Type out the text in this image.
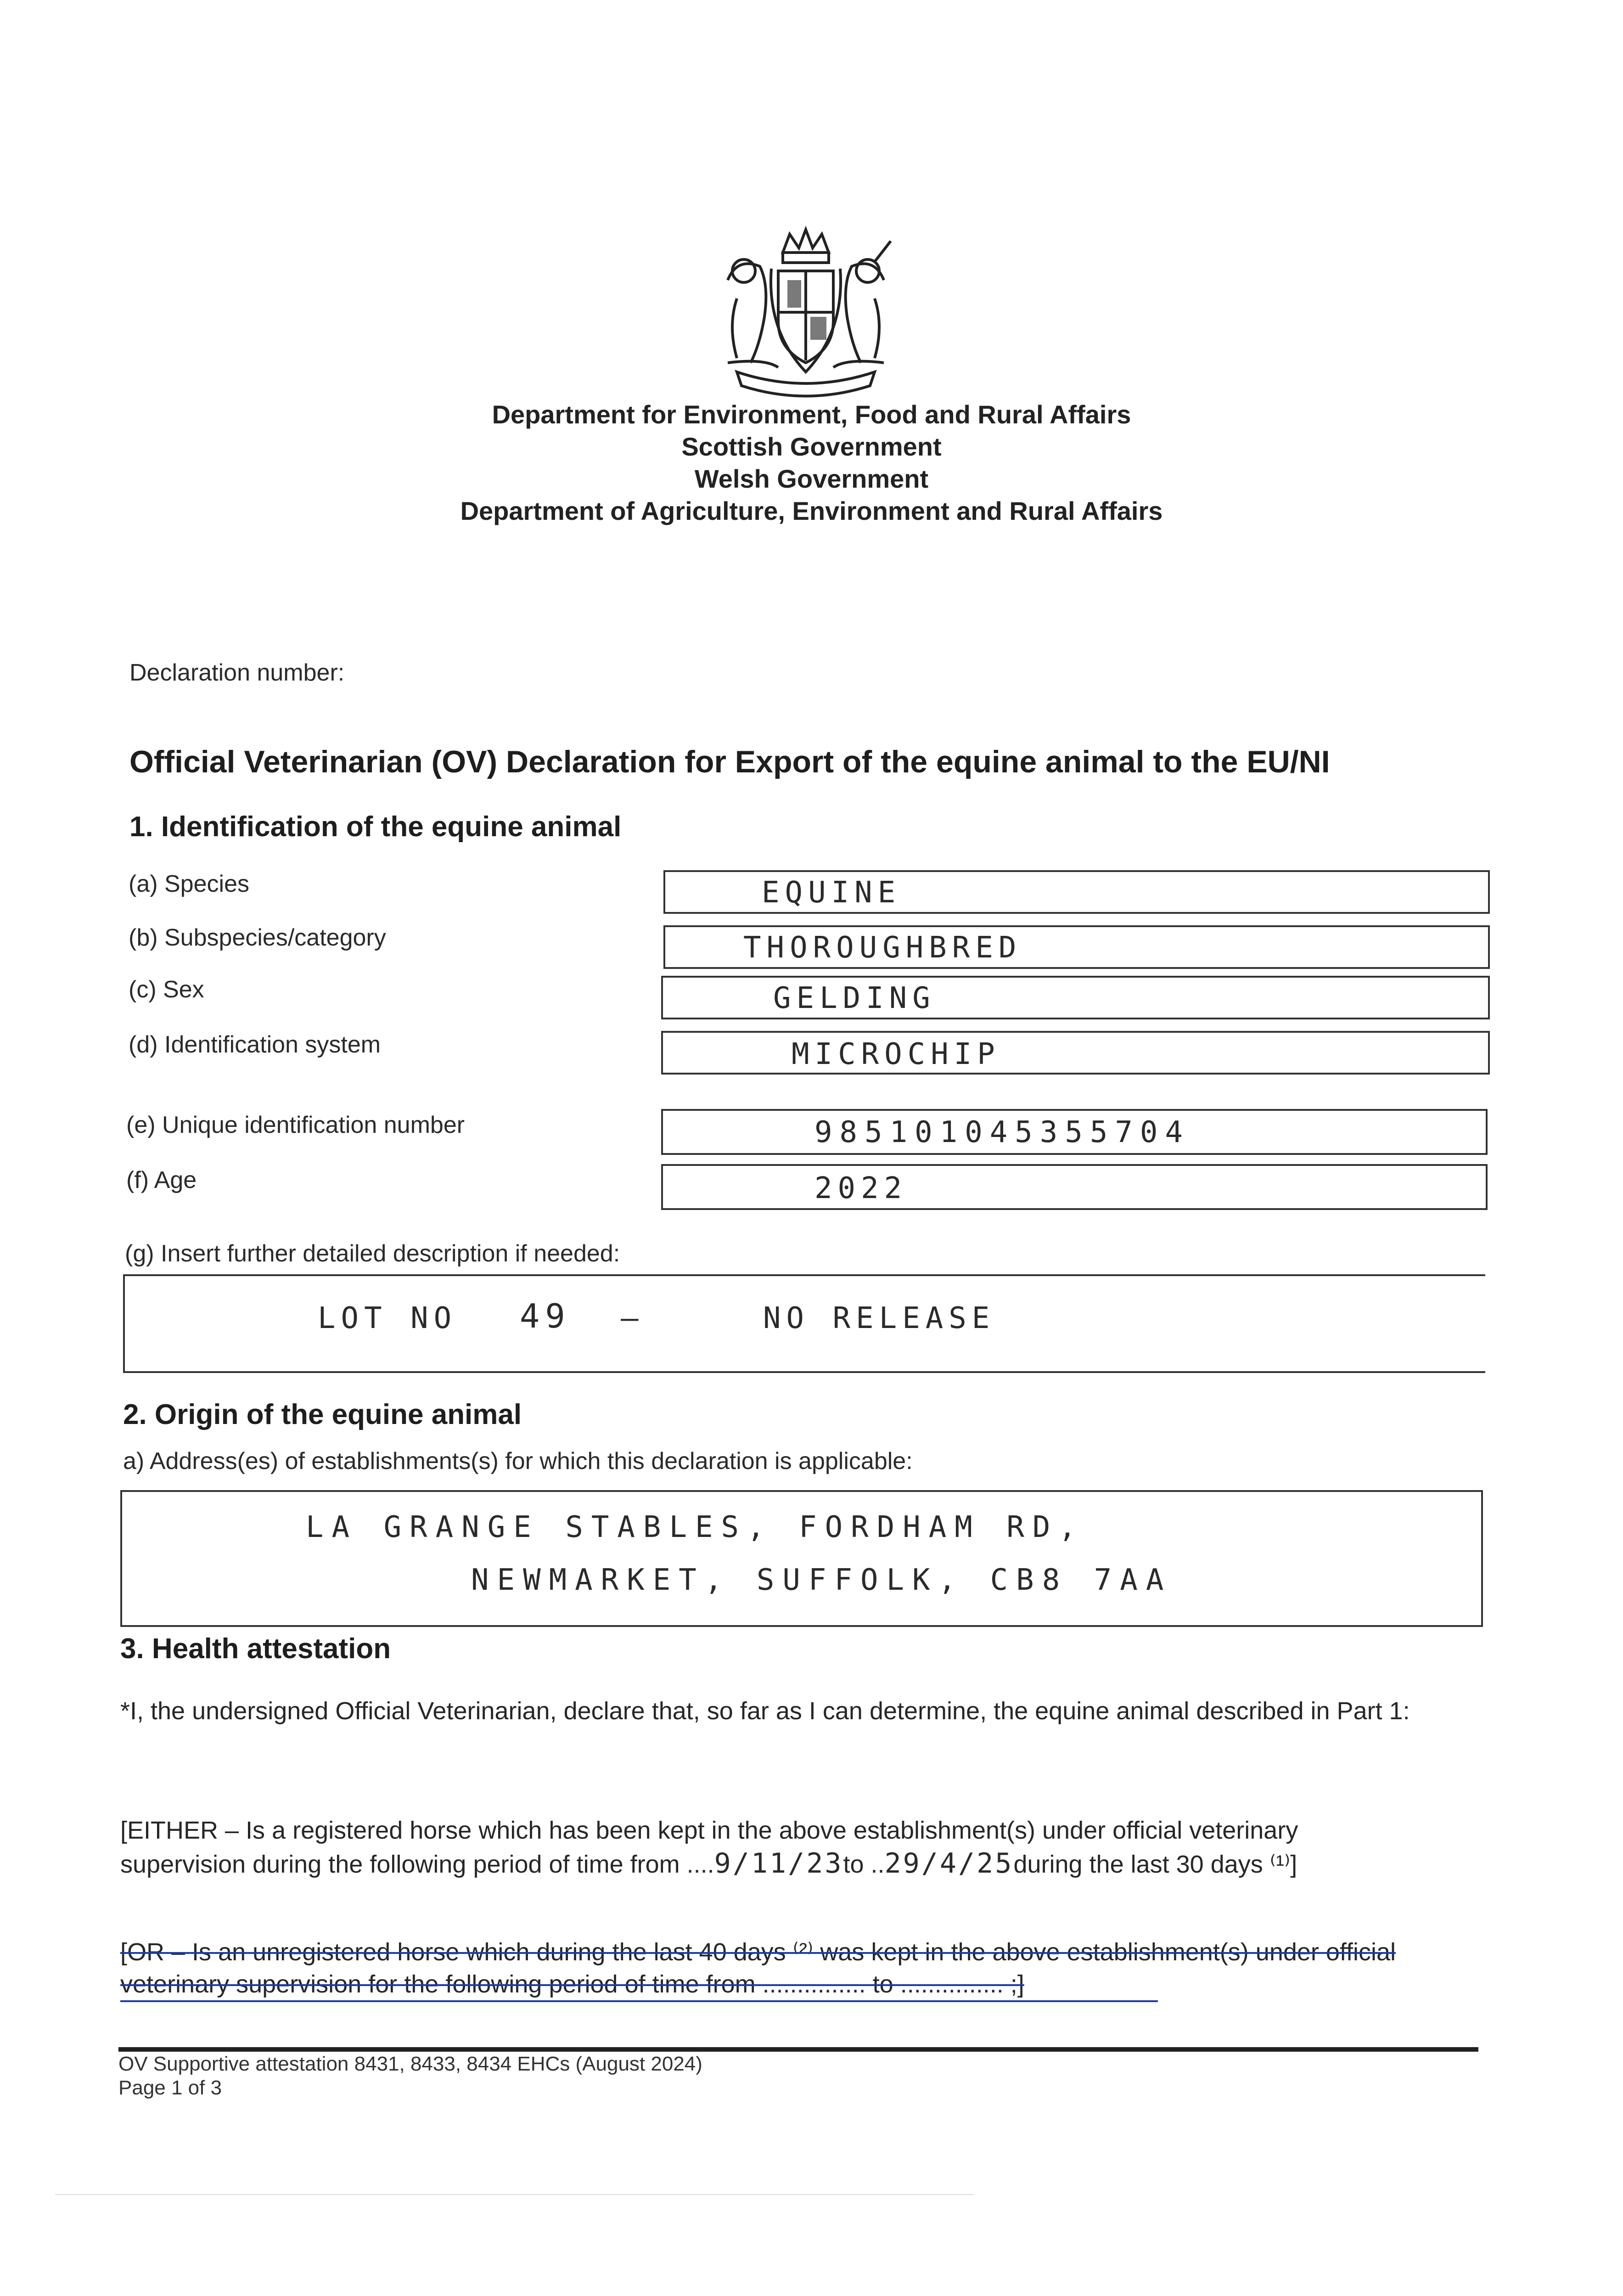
Department for Environment, Food and Rural Affairs
Scottish Government
Welsh Government
Department of Agriculture, Environment and Rural Affairs
Declaration number:
Official Veterinarian (OV) Declaration for Export of the equine animal to the EU/NI
1. Identification of the equine animal
(a) Species	EQUINE
(b) Subspecies/category	THOROUGHBRED
(c) Sex	GELDING
(d) Identification system	MICROCHIP
(e) Unique identification number	985101045355704
(f) Age	2022
(g) Insert further detailed description if needed:
LOT NO 49 –	NO RELEASE
2. Origin of the equine animal
a) Address(es) of establishments(s) for which this declaration is applicable:
LA GRANGE STABLES, FORDHAM RD,
NEWMARKET, SUFFOLK, CB8 7AA
3. Health attestation
*I, the undersigned Official Veterinarian, declare that, so far as I can determine, the equine animal described in Part 1:
[EITHER – Is a registered horse which has been kept in the above establishment(s) under official veterinary
supervision during the following period of time from ....9/11/23to ..29/4/25during the last 30 days ⁽¹⁾]
[OR – Is an unregistered horse which during the last 40 days ⁽²⁾ was kept in the above establishment(s) under official
veterinary supervision for the following period of time from ............... to ............... ;]
OV Supportive attestation 8431, 8433, 8434 EHCs (August 2024)
Page 1 of 3
